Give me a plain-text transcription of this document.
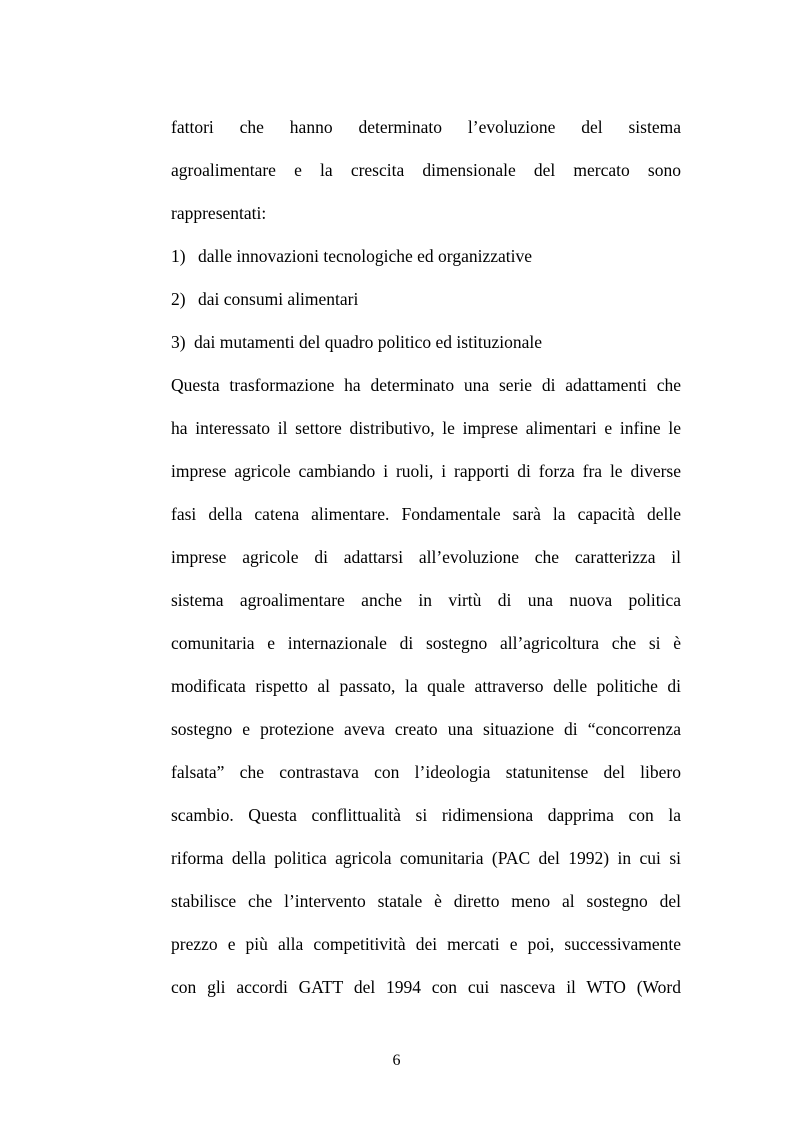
fattori che hanno determinato l’evoluzione del sistema
agroalimentare e la crescita dimensionale del mercato sono
rappresentati:
1) dalle innovazioni tecnologiche ed organizzative
2) dai consumi alimentari
3) dai mutamenti del quadro politico ed istituzionale
Questa trasformazione ha determinato una serie di adattamenti che
ha interessato il settore distributivo, le imprese alimentari e infine le
imprese agricole cambiando i ruoli, i rapporti di forza fra le diverse
fasi della catena alimentare. Fondamentale sarà la capacità delle
imprese agricole di adattarsi all’evoluzione che caratterizza il
sistema agroalimentare anche in virtù di una nuova politica
comunitaria e internazionale di sostegno all’agricoltura che si è
modificata rispetto al passato, la quale attraverso delle politiche di
sostegno e protezione aveva creato una situazione di “concorrenza
falsata” che contrastava con l’ideologia statunitense del libero
scambio. Questa conflittualità si ridimensiona dapprima con la
riforma della politica agricola comunitaria (PAC del 1992) in cui si
stabilisce che l’intervento statale è diretto meno al sostegno del
prezzo e più alla competitività dei mercati e poi, successivamente
con gli accordi GATT del 1994 con cui nasceva il WTO (Word
6
